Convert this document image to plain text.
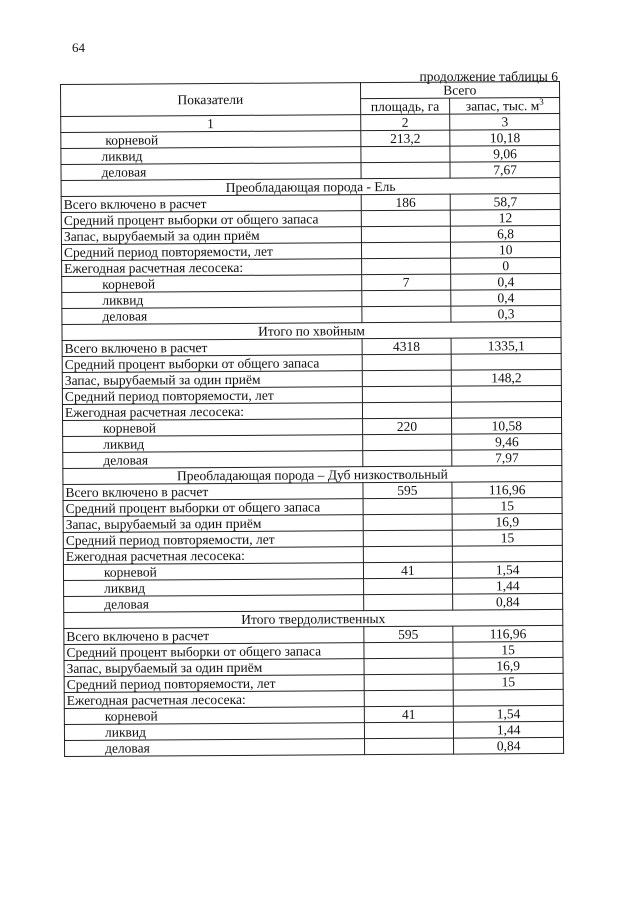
64
продолжение таблицы 6
Показатели	Всего	
	площадь, га	запас, тыс. $м^3$
1	2	3
корневой	213,2	10,18
ликвид		9,06
деловая		7,67
Преобладающая порода - Ель		
Всего включено в расчет	186	58,7
Средний процент выборки от общего запаса		12
Запас, вырубаемый за один приём		6,8
Средний период повторяемости, лет		10
Ежегодная расчетная лесосека:		0
корневой	7	0,4
ликвид		0,4
деловая		0,3
Итого по хвойным		
Всего включено в расчет	4318	1335,1
Средний процент выборки от общего запаса		
Запас, вырубаемый за один приём		148,2
Средний период повторяемости, лет		
Ежегодная расчетная лесосека:		
корневой	220	10,58
ликвид		9,46
деловая		7,97
Преобладающая порода – Дуб низкоствольный		
Всего включено в расчет	595	116,96
Средний процент выборки от общего запаса		15
Запас, вырубаемый за один приём		16,9
Средний период повторяемости, лет		15
Ежегодная расчетная лесосека:		
корневой	41	1,54
ликвид		1,44
деловая		0,84
Итого твердолиственных		
Всего включено в расчет	595	116,96
Средний процент выборки от общего запаса		15
Запас, вырубаемый за один приём		16,9
Средний период повторяемости, лет		15
Ежегодная расчетная лесосека:		
корневой	41	1,54
ликвид		1,44
деловая		0,84
